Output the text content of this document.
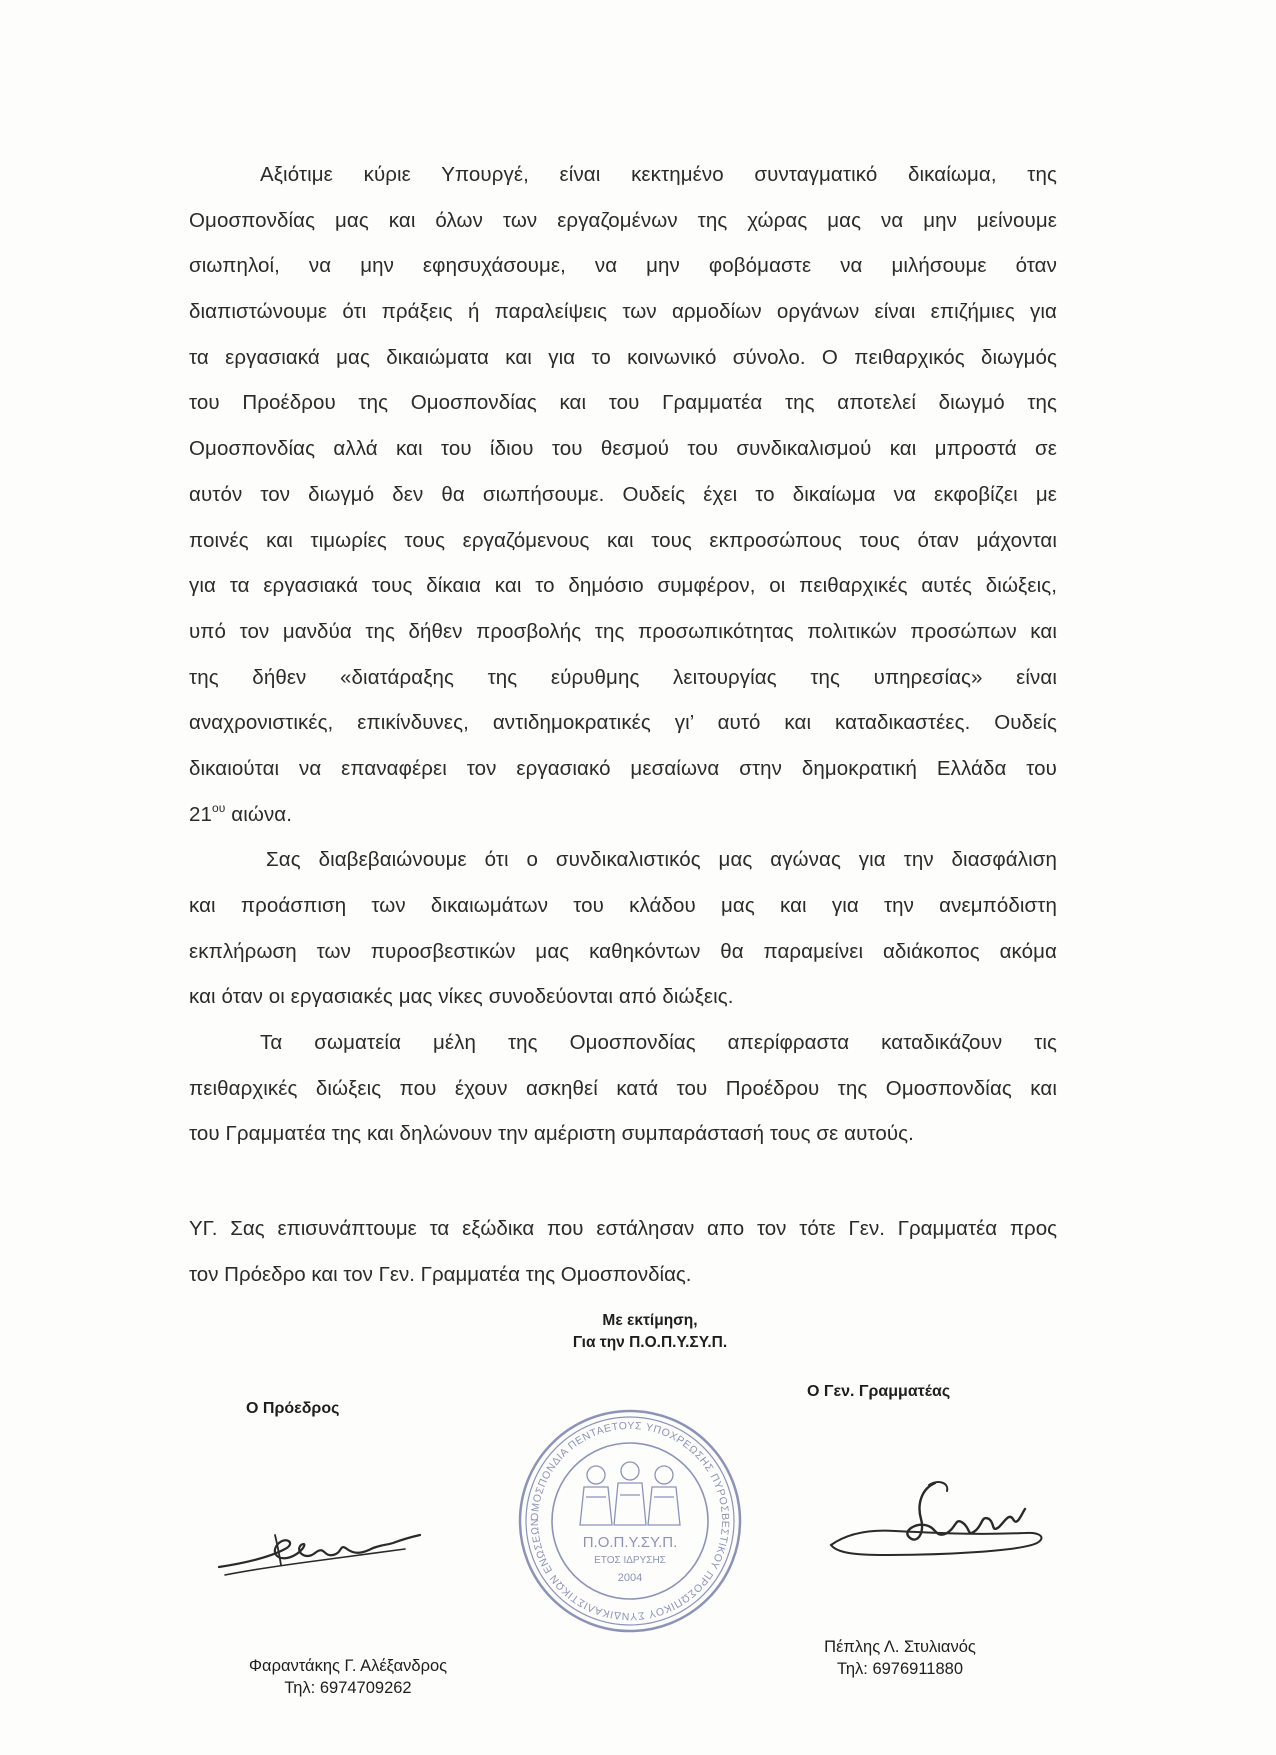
Αξιότιμε κύριε Υπουργέ, είναι κεκτημένο συνταγματικό δικαίωμα, της
Ομοσπονδίας μας και όλων των εργαζομένων της χώρας μας να μην μείνουμε
σιωπηλοί, να μην εφησυχάσουμε, να μην φοβόμαστε να μιλήσουμε όταν
διαπιστώνουμε ότι πράξεις ή παραλείψεις των αρμοδίων οργάνων είναι επιζήμιες για
τα εργασιακά μας δικαιώματα και για το κοινωνικό σύνολο. Ο πειθαρχικός διωγμός
του Προέδρου της Ομοσπονδίας και του Γραμματέα της αποτελεί διωγμό της
Ομοσπονδίας αλλά και του ίδιου του θεσμού του συνδικαλισμού και μπροστά σε
αυτόν τον διωγμό δεν θα σιωπήσουμε. Ουδείς έχει το δικαίωμα να εκφοβίζει με
ποινές και τιμωρίες τους εργαζόμενους και τους εκπροσώπους τους όταν μάχονται
για τα εργασιακά τους δίκαια και το δημόσιο συμφέρον, οι πειθαρχικές αυτές διώξεις,
υπό τον μανδύα της δήθεν προσβολής της προσωπικότητας πολιτικών προσώπων και
της δήθεν «διατάραξης της εύρυθμης λειτουργίας της υπηρεσίας» είναι
αναχρονιστικές, επικίνδυνες, αντιδημοκρατικές γι’ αυτό και καταδικαστέες. Ουδείς
δικαιούται να επαναφέρει τον εργασιακό μεσαίωνα στην δημοκρατική Ελλάδα του
$21^{o\upsilon}$ αιώνα.
Σας διαβεβαιώνουμε ότι ο συνδικαλιστικός μας αγώνας για την διασφάλιση
και προάσπιση των δικαιωμάτων του κλάδου μας και για την ανεμπόδιστη
εκπλήρωση των πυροσβεστικών μας καθηκόντων θα παραμείνει αδιάκοπος ακόμα
και όταν οι εργασιακές μας νίκες συνοδεύονται από διώξεις.
Τα σωματεία μέλη της Ομοσπονδίας απερίφραστα καταδικάζουν τις
πειθαρχικές διώξεις που έχουν ασκηθεί κατά του Προέδρου της Ομοσπονδίας και
του Γραμματέα της και δηλώνουν την αμέριστη συμπαράστασή τους σε αυτούς.
ΥΓ. Σας επισυνάπτουμε τα εξώδικα που εστάλησαν απο τον τότε Γεν. Γραμματέα προς
τον Πρόεδρο και τον Γεν. Γραμματέα της Ομοσπονδίας.
Με εκτίμηση,
Για την Π.Ο.Π.Υ.ΣΥ.Π.
Ο Πρόεδρος
Ο Γεν. Γραμματέας
ΟΜΟΣΠΟΝΔΙΑ ΠΕΝΤΑΕΤΟΥΣ ΥΠΟΧΡΕΩΣΗΣ ΠΥΡΟΣΒΕΣΤΙΚΟΥ ΠΡΟΣΩΠΙΚΟΥ ΣΥΝΔΙΚΑΛΙΣΤΙΚΩΝ ΕΝΩΣΕΩΝ
Π.Ο.Π.Υ.ΣΥ.Π.
ΕΤΟΣ ΙΔΡΥΣΗΣ
2004
Φαραντάκης Γ. Αλέξανδρος
Τηλ: 6974709262
Πέπλης Λ. Στυλιανός
Τηλ: 6976911880
